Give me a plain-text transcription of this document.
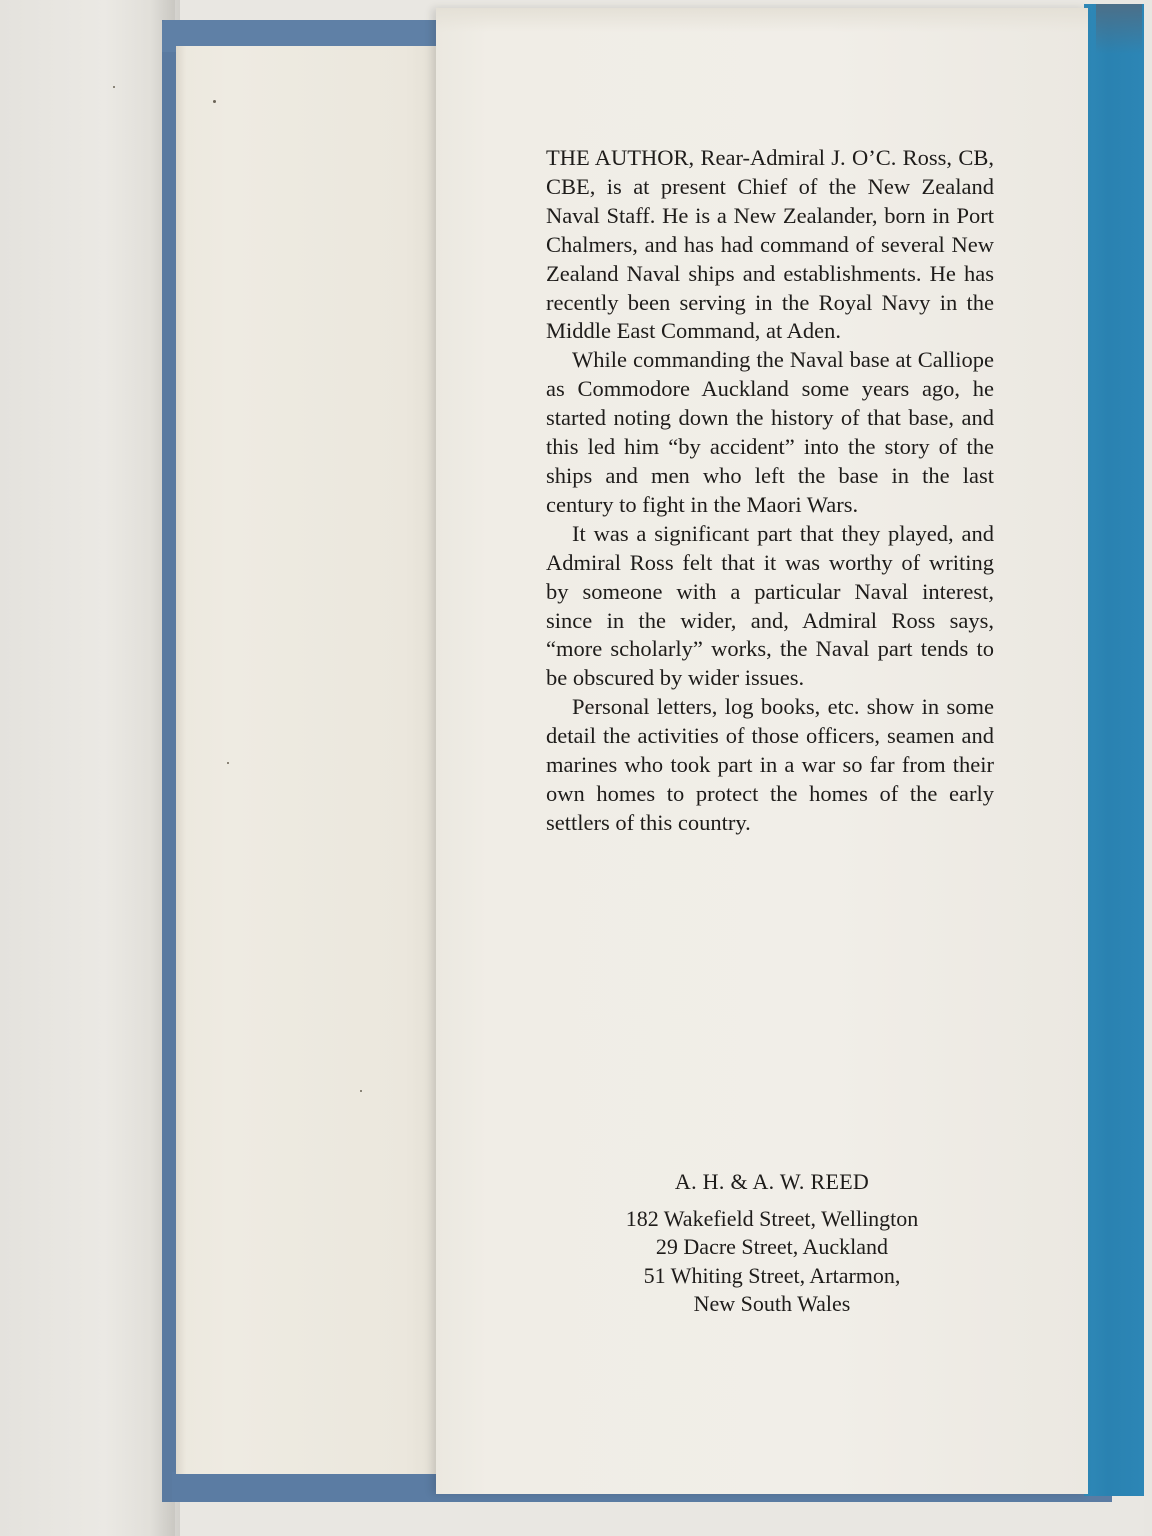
THE AUTHOR, Rear-Admiral J. O’C. Ross, CB, CBE, is at present Chief of the New Zealand Naval Staff. He is a New Zealander, born in Port Chalmers, and has had command of several New Zealand Naval ships and establishments. He has recently been serving in the Royal Navy in the Middle East Command, at Aden.

While commanding the Naval base at Calliope as Commodore Auckland some years ago, he started noting down the history of that base, and this led him “by accident” into the story of the ships and men who left the base in the last century to fight in the Maori Wars.

It was a significant part that they played, and Admiral Ross felt that it was worthy of writing by someone with a particular Naval interest, since in the wider, and, Admiral Ross says, “more scholarly” works, the Naval part tends to be obscured by wider issues.

Personal letters, log books, etc. show in some detail the activities of those officers, seamen and marines who took part in a war so far from their own homes to protect the homes of the early settlers of this country.

A. H. & A. W. REED
182 Wakefield Street, Wellington
29 Dacre Street, Auckland
51 Whiting Street, Artarmon,
New South Wales
